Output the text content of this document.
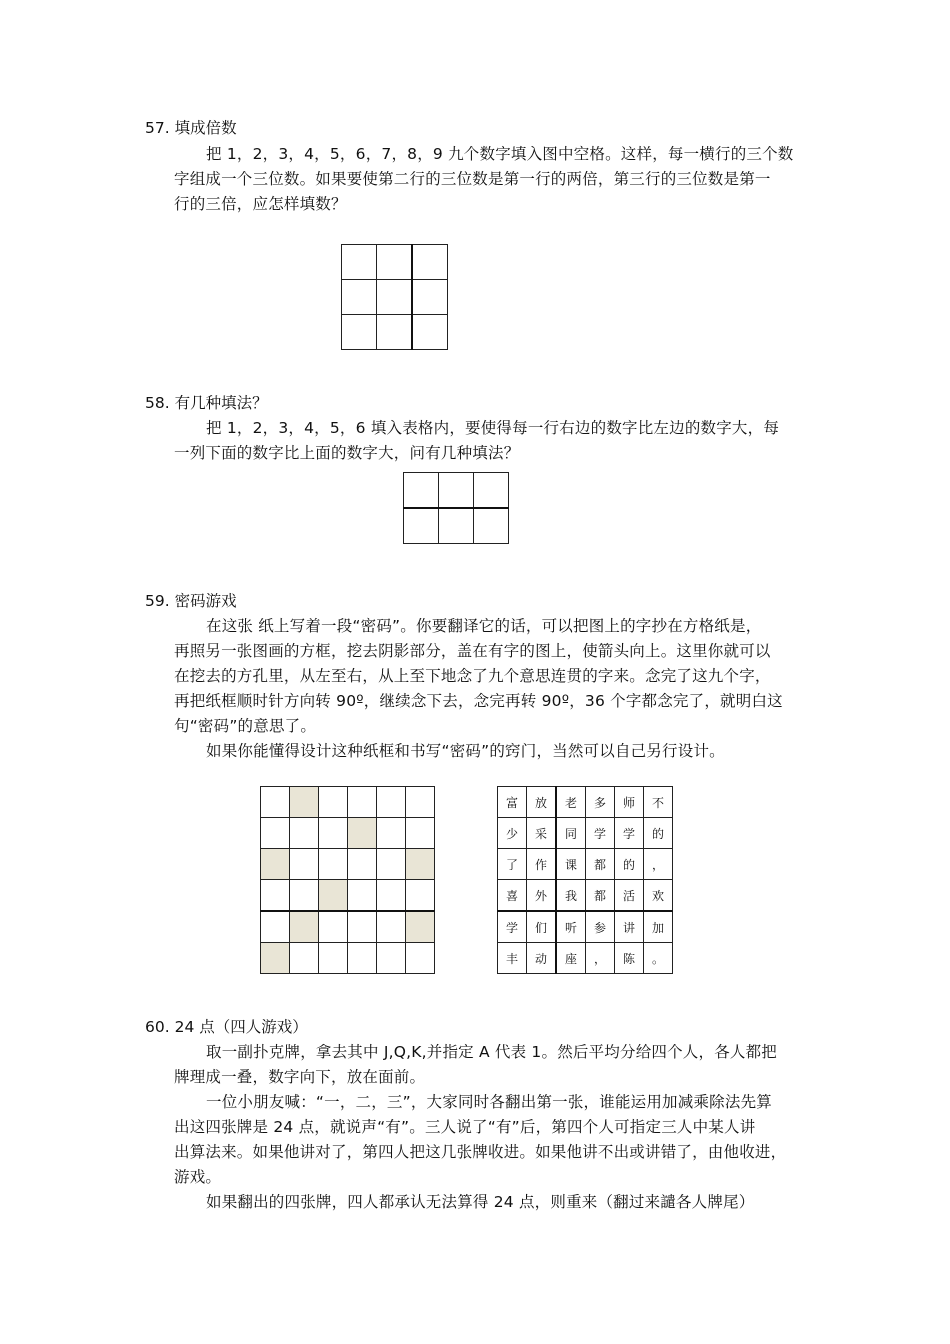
57. 填成倍数
把 1，2，3，4，5，6，7，8，9 九个数字填入图中空格。这样，每一横行的三个数
字组成一个三位数。如果要使第二行的三位数是第一行的两倍，第三行的三位数是第一
行的三倍，应怎样填数？

58. 有几种填法？
把 1，2，3，4，5，6 填入表格内，要使得每一行右边的数字比左边的数字大，每
一列下面的数字比上面的数字大，问有几种填法？

59. 密码游戏
在这张 纸上写着一段“密码”。你要翻译它的话，可以把图上的字抄在方格纸是，
再照另一张图画的方框，挖去阴影部分，盖在有字的图上，使箭头向上。这里你就可以
在挖去的方孔里，从左至右，从上至下地念了九个意思连贯的字来。念完了这九个字，
再把纸框顺时针方向转 90º，继续念下去，念完再转 90º，36 个字都念完了，就明白这
句“密码”的意思了。
如果你能懂得设计这种纸框和书写“密码”的窍门，当然可以自己另行设计。

富	放	老	多	师	不
少	采	同	学	学	的
了	作	课	都	的	，
喜	外	我	都	活	欢
学	们	听	参	讲	加
丰	动	座	，	陈	。
60. 24 点（四人游戏）
取一副扑克牌，拿去其中 J,Q,K,并指定 A 代表 1。然后平均分给四个人，各人都把
牌理成一叠，数字向下，放在面前。
一位小朋友喊：“一，二，三”，大家同时各翻出第一张，谁能运用加减乘除法先算
出这四张牌是 24 点，就说声“有”。三人说了“有”后，第四个人可指定三人中某人讲
出算法来。如果他讲对了，第四人把这几张牌收进。如果他讲不出或讲错了，由他收进，
游戏。
如果翻出的四张牌，四人都承认无法算得 24 点，则重来（翻过来譴各人牌尾）
